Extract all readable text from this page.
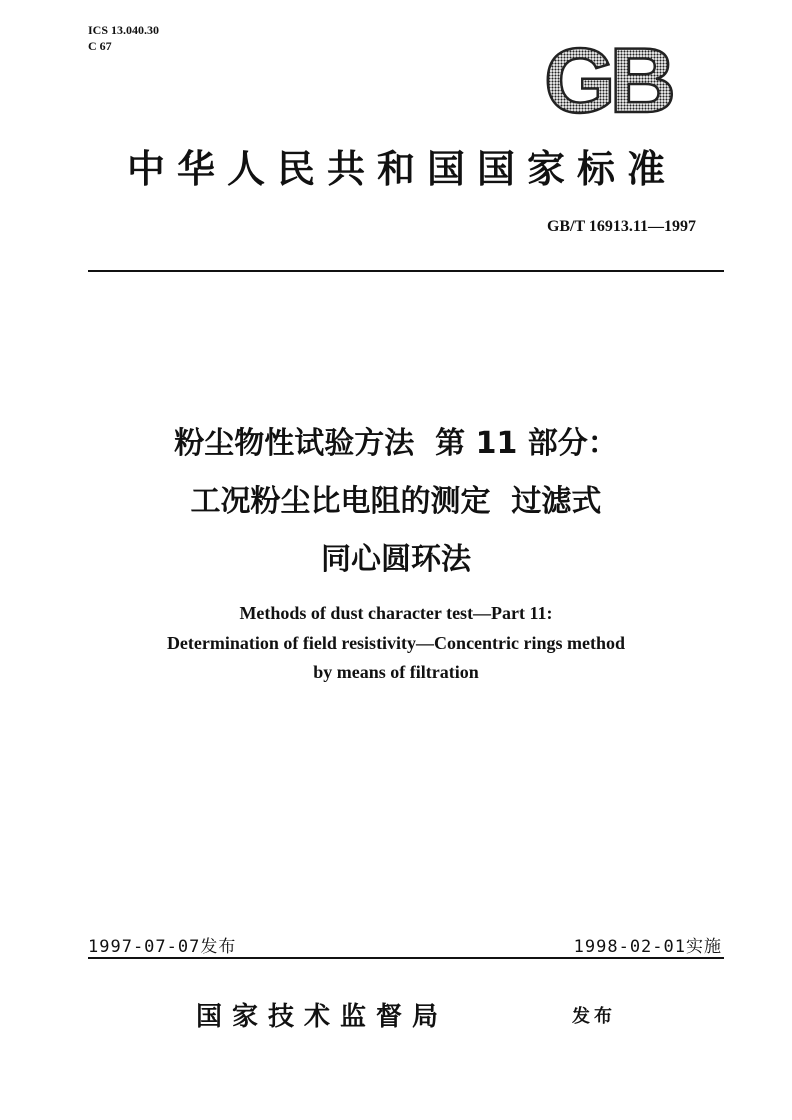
ICS 13.040.30
C 67	GB
中华人民共和国国家标准
GB/T 16913.11—1997
粉尘物性试验方法  第 11 部分：
工况粉尘比电阻的测定  过滤式
同心圆环法
Methods of dust character test—Part 11:
Determination of field resistivity—Concentric rings method
by means of filtration
1997-07-07发布	1998-02-01实施
国家技术监督局	发布
